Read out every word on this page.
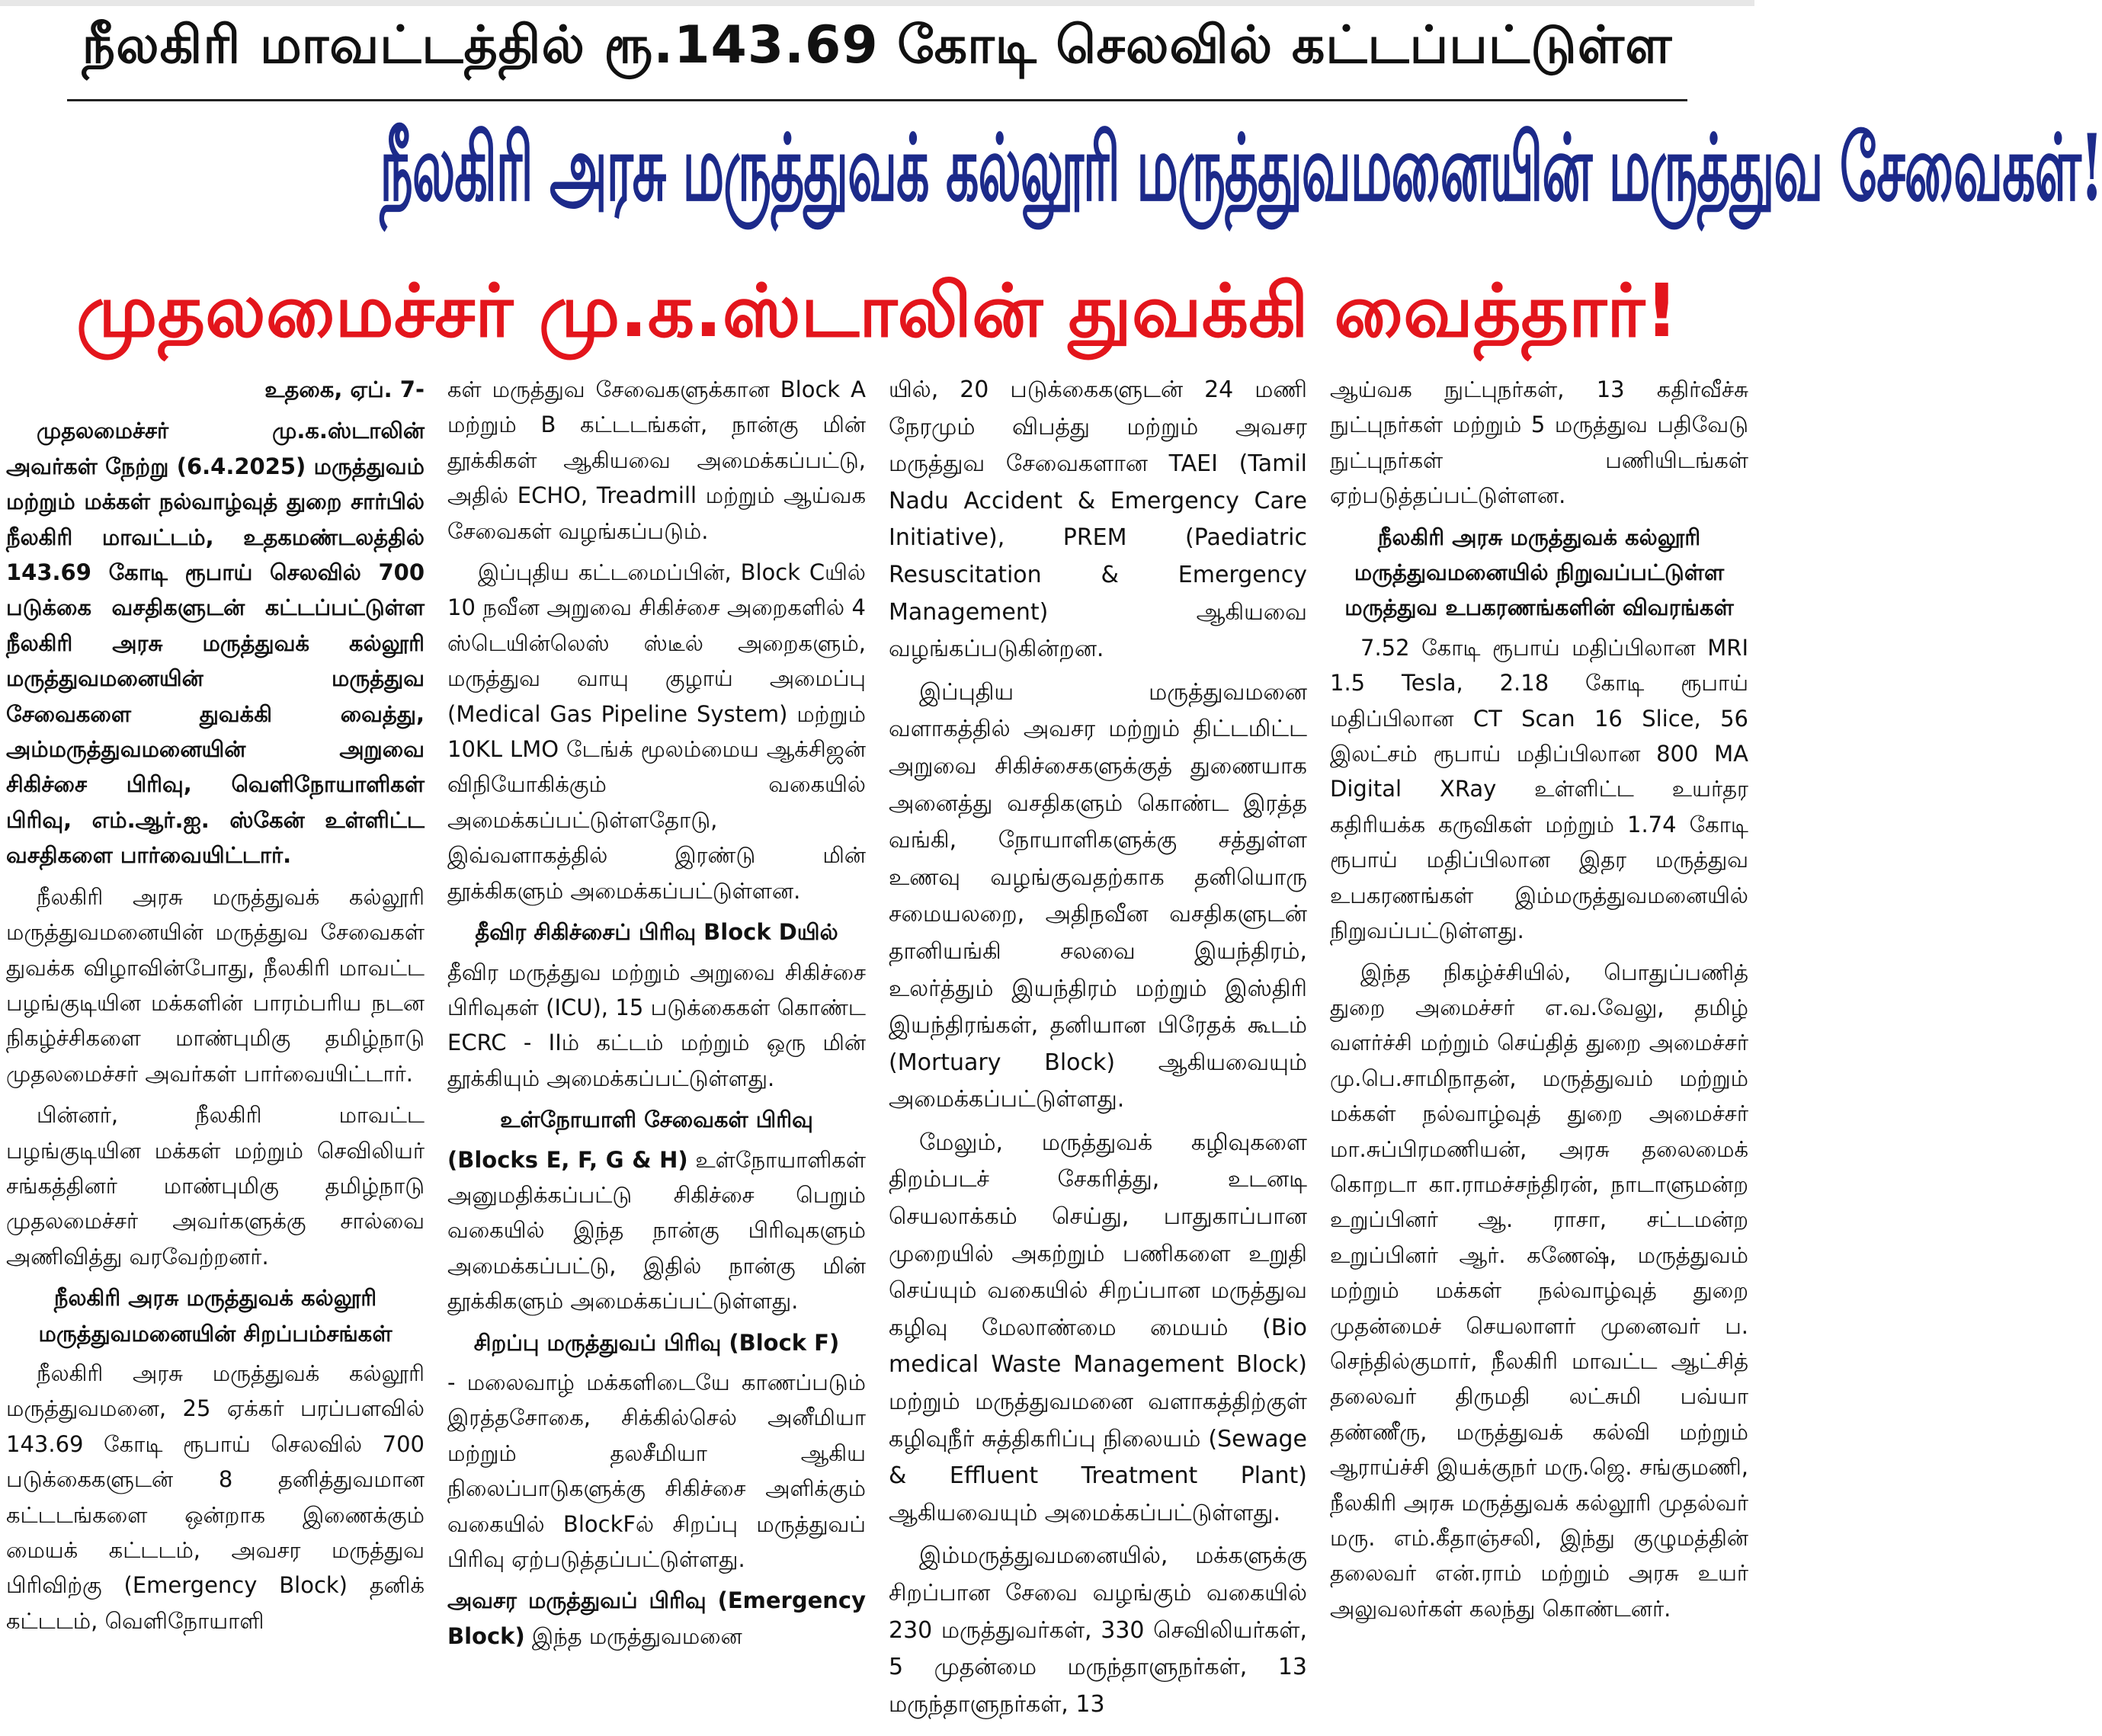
நீலகிரி மாவட்டத்தில் ரூ.143.69 கோடி செலவில் கட்டப்பட்டுள்ள
நீலகிரி அரசு மருத்துவக் கல்லூரி மருத்துவமனையின் மருத்துவ சேவைகள்!
முதலமைச்சர் மு.க.ஸ்டாலின் துவக்கி வைத்தார்!

உதகை, ஏப். 7-

முதலமைச்சர் மு.க.ஸ்டாலின் அவர்கள் நேற்று (6.4.2025) மருத்துவம் மற்றும் மக்கள் நல்வாழ்வுத் துறை சார்பில் நீலகிரி மாவட்டம், உதகமண்டலத்தில் 143.69 கோடி ரூபாய் செலவில் 700 படுக்கை வசதிகளுடன் கட்டப்பட்டுள்ள நீலகிரி அரசு மருத்துவக் கல்லூரி மருத்துவமனையின் மருத்துவ சேவைகளை துவக்கி வைத்து, அம்மருத்துவமனையின் அறுவை சிகிச்சை பிரிவு, வெளிநோயாளிகள் பிரிவு, எம்.ஆர்.ஐ. ஸ்கேன் உள்ளிட்ட வசதிகளை பார்வையிட்டார்.

நீலகிரி அரசு மருத்துவக் கல்லூரி மருத்துவமனையின் மருத்துவ சேவைகள் துவக்க விழாவின்போது, நீலகிரி மாவட்ட பழங்குடியின மக்களின் பாரம்பரிய நடன நிகழ்ச்சிகளை மாண்புமிகு தமிழ்நாடு முதலமைச்சர் அவர்கள் பார்வையிட்டார்.

பின்னர், நீலகிரி மாவட்ட பழங்குடியின மக்கள் மற்றும் செவிலியர் சங்கத்தினர் மாண்புமிகு தமிழ்நாடு முதலமைச்சர் அவர்களுக்கு சால்வை அணிவித்து வரவேற்றனர்.

நீலகிரி அரசு மருத்துவக் கல்லூரி மருத்துவமனையின் சிறப்பம்சங்கள்

நீலகிரி அரசு மருத்துவக் கல்லூரி மருத்துவமனை, 25 ஏக்கர் பரப்பளவில் 143.69 கோடி ரூபாய் செலவில் 700 படுக்கைகளுடன் 8 தனித்துவமான கட்டடங்களை ஒன்றாக இணைக்கும் மையக் கட்டடம், அவசர மருத்துவ பிரிவிற்கு (Emergency Block) தனிக் கட்டடம், வெளிநோயாளி

கள் மருத்துவ சேவைகளுக்கான Block A மற்றும் B கட்டடங்கள், நான்கு மின் தூக்கிகள் ஆகியவை அமைக்கப்பட்டு, அதில் ECHO, Treadmill மற்றும் ஆய்வக சேவைகள் வழங்கப்படும்.

இப்புதிய கட்டமைப்பின், Block Cயில் 10 நவீன அறுவை சிகிச்சை அறைகளில் 4 ஸ்டெயின்லெஸ் ஸ்டீல் அறைகளும், மருத்துவ வாயு குழாய் அமைப்பு (Medical Gas Pipeline System) மற்றும் 10KL LMO டேங்க் மூலம்மைய ஆக்சிஜன் விநியோகிக்கும் வகையில் அமைக்கப்பட்டுள்ளதோடு, இவ்வளாகத்தில் இரண்டு மின் தூக்கிகளும் அமைக்கப்பட்டுள்ளன.

தீவிர சிகிச்சைப் பிரிவு Block Dயில்

தீவிர மருத்துவ மற்றும் அறுவை சிகிச்சை பிரிவுகள் (ICU), 15 படுக்கைகள் கொண்ட ECRC - IIம் கட்டம் மற்றும் ஒரு மின் தூக்கியும் அமைக்கப்பட்டுள்ளது.

உள்நோயாளி சேவைகள் பிரிவு

(Blocks E, F, G & H) உள்நோயாளிகள் அனுமதிக்கப்பட்டு சிகிச்சை பெறும் வகையில் இந்த நான்கு பிரிவுகளும் அமைக்கப்பட்டு, இதில் நான்கு மின் தூக்கிகளும் அமைக்கப்பட்டுள்ளது.

சிறப்பு மருத்துவப் பிரிவு (Block F)

- மலைவாழ் மக்களிடையே காணப்படும் இரத்தசோகை, சிக்கில்செல் அனீமியா மற்றும் தலசீமியா ஆகிய நிலைப்பாடுகளுக்கு சிகிச்சை அளிக்கும் வகையில் BlockFல் சிறப்பு மருத்துவப் பிரிவு ஏற்படுத்தப்பட்டுள்ளது.

அவசர மருத்துவப் பிரிவு (Emergency Block) இந்த மருத்துவமனை

யில், 20 படுக்கைகளுடன் 24 மணி நேரமும் விபத்து மற்றும் அவசர மருத்துவ சேவைகளான TAEI (Tamil Nadu Accident & Emergency Care Initiative), PREM (Paediatric Resuscitation & Emergency Management) ஆகியவை வழங்கப்படுகின்றன.

இப்புதிய மருத்துவமனை வளாகத்தில் அவசர மற்றும் திட்டமிட்ட அறுவை சிகிச்சைகளுக்குத் துணையாக அனைத்து வசதிகளும் கொண்ட இரத்த வங்கி, நோயாளிகளுக்கு சத்துள்ள உணவு வழங்குவதற்காக தனியொரு சமையலறை, அதிநவீன வசதிகளுடன் தானியங்கி சலவை இயந்திரம், உலர்த்தும் இயந்திரம் மற்றும் இஸ்திரி இயந்திரங்கள், தனியான பிரேதக் கூடம் (Mortuary Block) ஆகியவையும் அமைக்கப்பட்டுள்ளது.

மேலும், மருத்துவக் கழிவுகளை திறம்படச் சேகரித்து, உடனடி செயலாக்கம் செய்து, பாதுகாப்பான முறையில் அகற்றும் பணிகளை உறுதி செய்யும் வகையில் சிறப்பான மருத்துவ கழிவு மேலாண்மை மையம் (Bio medical Waste Management Block) மற்றும் மருத்துவமனை வளாகத்திற்குள் கழிவுநீர் சுத்திகரிப்பு நிலையம் (Sewage & Effluent Treatment Plant) ஆகியவையும் அமைக்கப்பட்டுள்ளது.

இம்மருத்துவமனையில், மக்களுக்கு சிறப்பான சேவை வழங்கும் வகையில் 230 மருத்துவர்கள், 330 செவிலியர்கள், 5 முதன்மை மருந்தாளுநர்கள், 13 மருந்தாளுநர்கள், 13

ஆய்வக நுட்புநர்கள், 13 கதிர்வீச்சு நுட்புநர்கள் மற்றும் 5 மருத்துவ பதிவேடு நுட்புநர்கள் பணியிடங்கள் ஏற்படுத்தப்பட்டுள்ளன.

நீலகிரி அரசு மருத்துவக் கல்லூரி மருத்துவமனையில் நிறுவப்பட்டுள்ள மருத்துவ உபகரணங்களின் விவரங்கள்

7.52 கோடி ரூபாய் மதிப்பிலான MRI 1.5 Tesla, 2.18 கோடி ரூபாய் மதிப்பிலான CT Scan 16 Slice, 56 இலட்சம் ரூபாய் மதிப்பிலான 800 MA Digital XRay உள்ளிட்ட உயர்தர கதிரியக்க கருவிகள் மற்றும் 1.74 கோடி ரூபாய் மதிப்பிலான இதர மருத்துவ உபகரணங்கள் இம்மருத்துவமனையில் நிறுவப்பட்டுள்ளது.

இந்த நிகழ்ச்சியில், பொதுப்பணித் துறை அமைச்சர் எ.வ.வேலு, தமிழ் வளர்ச்சி மற்றும் செய்தித் துறை அமைச்சர் மு.பெ.சாமிநாதன், மருத்துவம் மற்றும் மக்கள் நல்வாழ்வுத் துறை அமைச்சர் மா.சுப்பிரமணியன், அரசு தலைமைக் கொறடா கா.ராமச்சந்திரன், நாடாளுமன்ற உறுப்பினர் ஆ. ராசா, சட்டமன்ற உறுப்பினர் ஆர். கணேஷ், மருத்துவம் மற்றும் மக்கள் நல்வாழ்வுத் துறை முதன்மைச் செயலாளர் முனைவர் ப. செந்தில்குமார், நீலகிரி மாவட்ட ஆட்சித் தலைவர் திருமதி லட்சுமி பவ்யா தண்ணீரு, மருத்துவக் கல்வி மற்றும் ஆராய்ச்சி இயக்குநர் மரு.ஜெ. சங்குமணி, நீலகிரி அரசு மருத்துவக் கல்லூரி முதல்வர் மரு. எம்.கீதாஞ்சலி, இந்து குழுமத்தின் தலைவர் என்.ராம் மற்றும் அரசு உயர் அலுவலர்கள் கலந்து கொண்டனர்.
